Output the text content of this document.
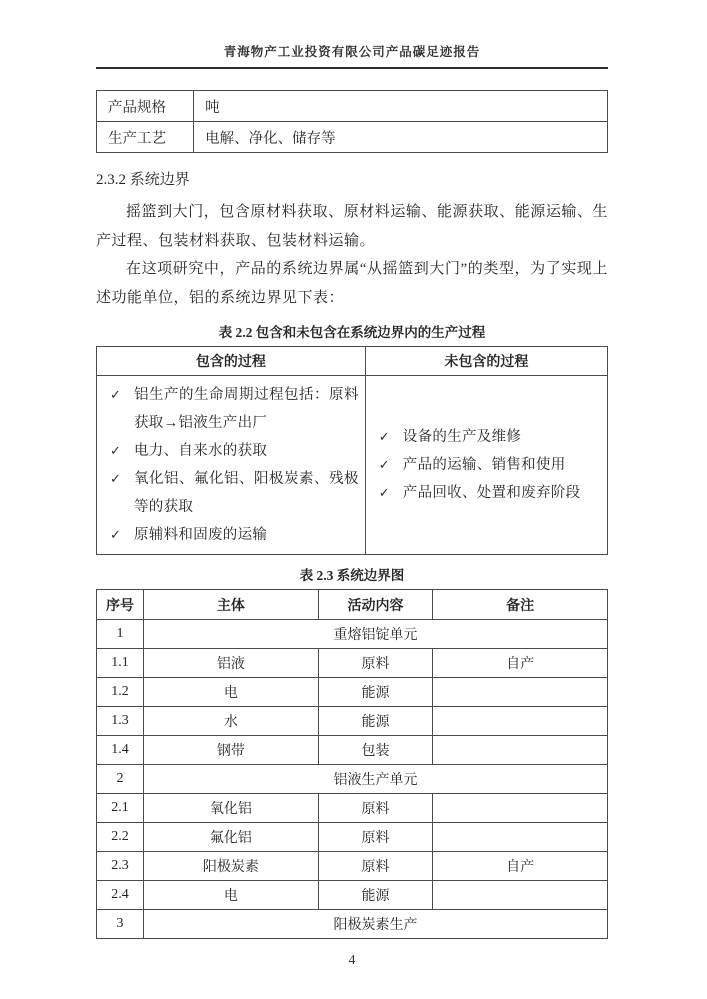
青海物产工业投资有限公司产品碳足迹报告
产品规格	吨
生产工艺	电解、净化、储存等
2.3.2 系统边界

摇篮到大门，包含原材料获取、原材料运输、能源获取、能源运输、生产过程、包装材料获取、包装材料运输。

在这项研究中，产品的系统边界属“从摇篮到大门”的类型，为了实现上述功能单位，铝的系统边界见下表：

表 2.2 包含和未包含在系统边界内的生产过程
包含的过程	未包含的过程

✓ 铝生产的生命周期过程包括：原料获取→铝液生产出厂
✓ 电力、自来水的获取
✓ 氧化铝、氟化铝、阳极炭素、残极等的获取
✓ 原辅料和固废的运输

✓ 设备的生产及维修
✓ 产品的运输、销售和使用
✓ 产品回收、处置和废弃阶段
表 2.3 系统边界图
序号	主体	活动内容	备注
1	重熔铝锭单元		
1.1	铝液	原料	自产
1.2	电	能源	
1.3	水	能源	
1.4	钢带	包装	
2	铝液生产单元		
2.1	氧化铝	原料	
2.2	氟化铝	原料	
2.3	阳极炭素	原料	自产
2.4	电	能源	
3	阳极炭素生产		
4
